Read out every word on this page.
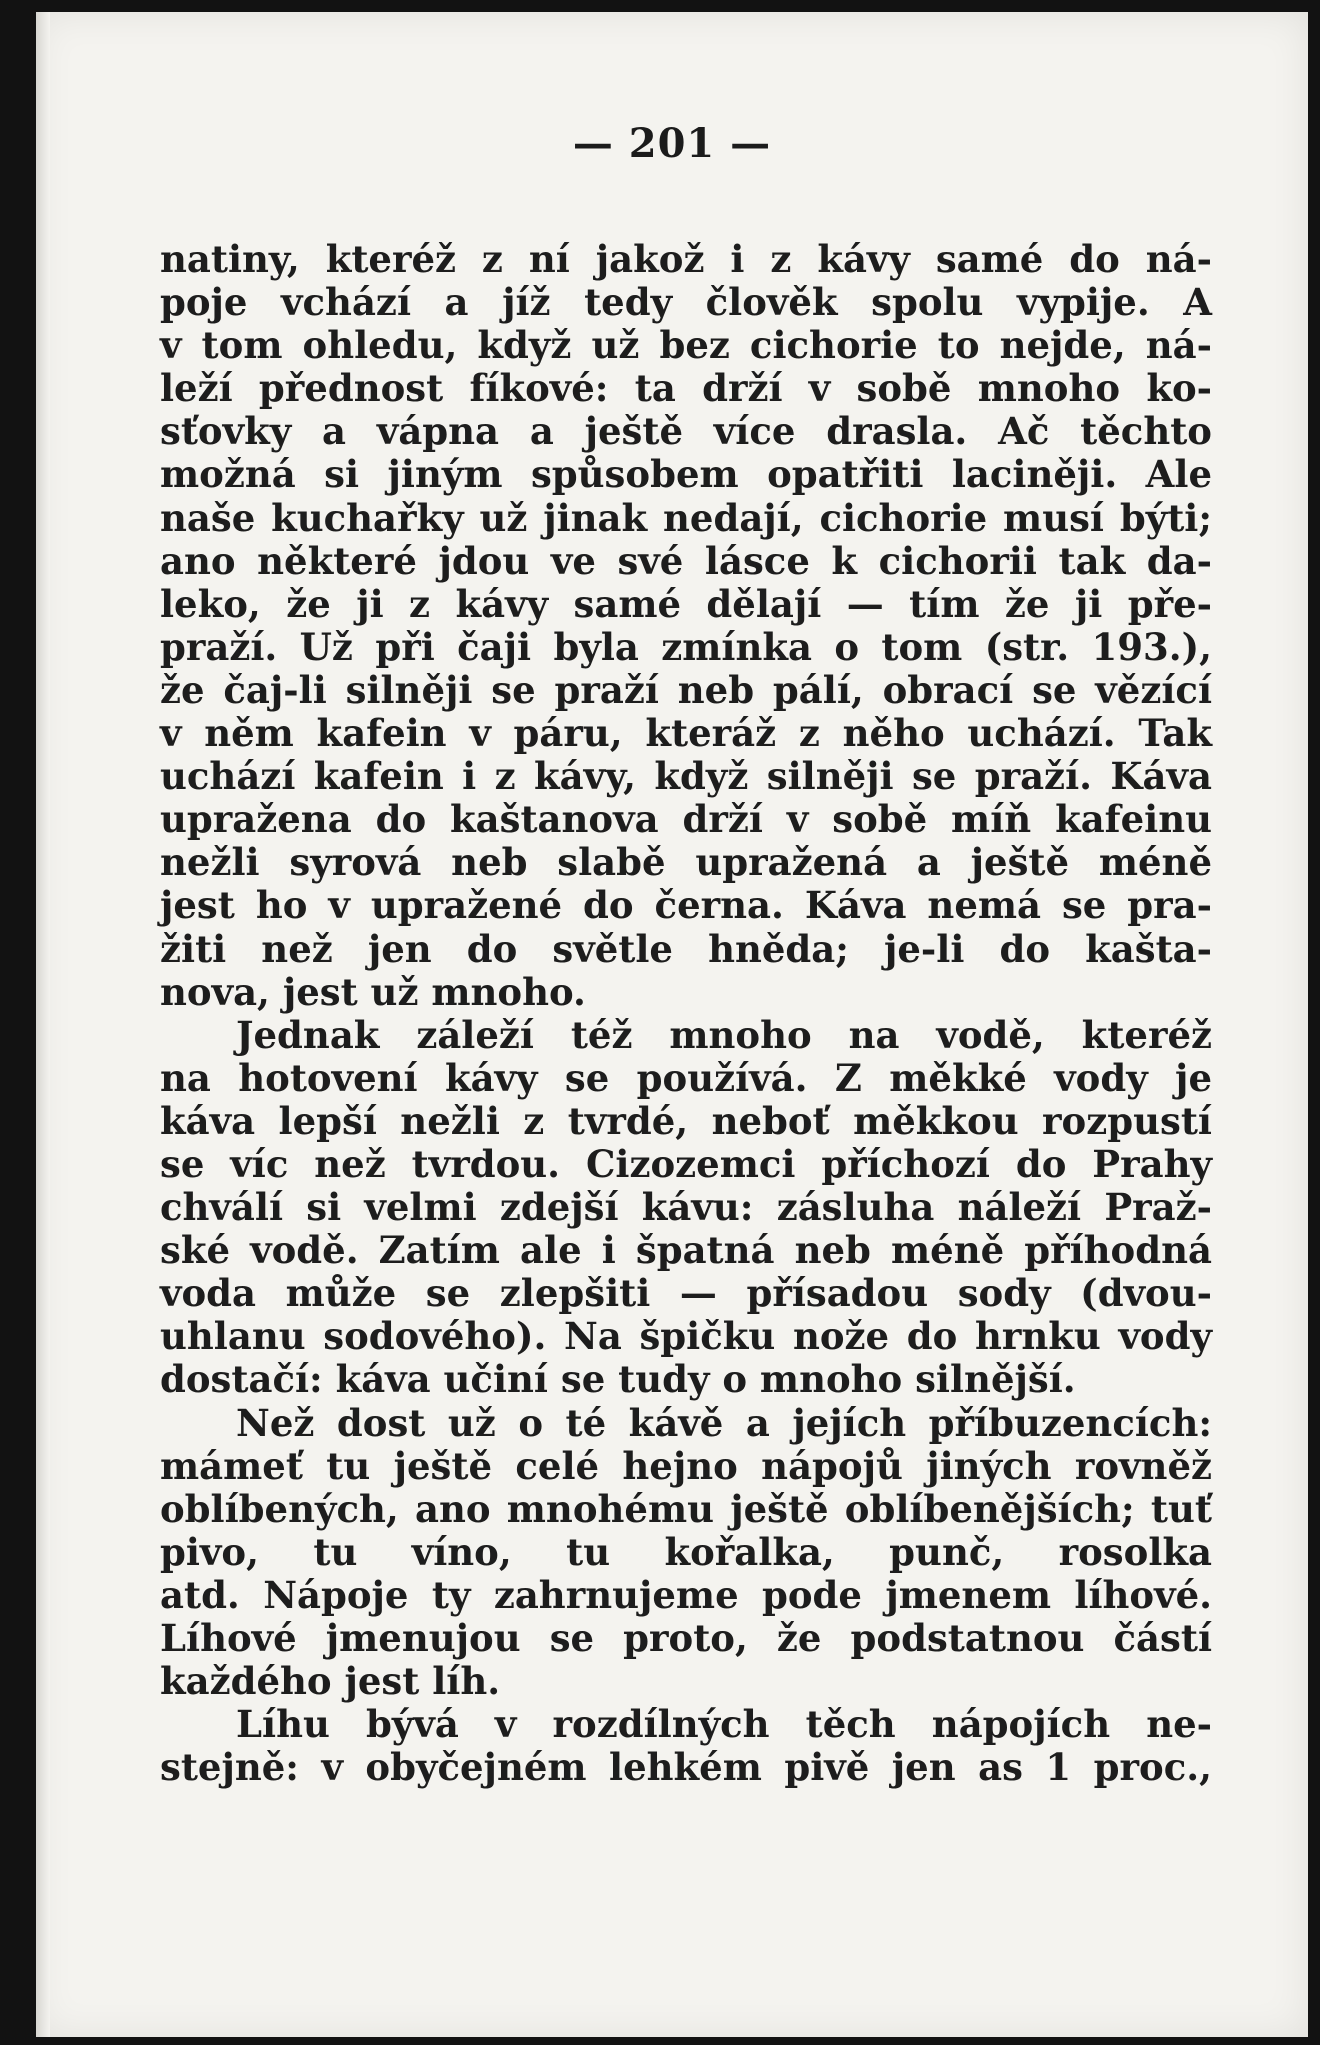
— 201 —
natiny, kteréž z ní jakož i z kávy samé do ná-
poje vchází a jíž tedy člověk spolu vypije. A
v tom ohledu, když už bez cichorie to nejde, ná-
leží přednost fíkové: ta drží v sobě mnoho ko-
sťovky a vápna a ještě více drasla. Ač těchto
možná si jiným spůsobem opatřiti laciněji. Ale
naše kuchařky už jinak nedají, cichorie musí býti;
ano některé jdou ve své lásce k cichorii tak da-
leko, že ji z kávy samé dělají — tím že ji pře-
praží. Už při čaji byla zmínka o tom (str. 193.),
že čaj-li silněji se praží neb pálí, obrací se vězící
v něm kafein v páru, kteráž z něho uchází. Tak
uchází kafein i z kávy, když silněji se praží. Káva
upražena do kaštanova drží v sobě míň kafeinu
nežli syrová neb slabě upražená a ještě méně
jest ho v upražené do černa. Káva nemá se pra-
žiti než jen do světle hněda; je-li do kašta-
nova, jest už mnoho.
Jednak záleží též mnoho na vodě, kteréž
na hotovení kávy se používá. Z měkké vody je
káva lepší nežli z tvrdé, neboť měkkou rozpustí
se víc než tvrdou. Cizozemci příchozí do Prahy
chválí si velmi zdejší kávu: zásluha náleží Praž-
ské vodě. Zatím ale i špatná neb méně příhodná
voda může se zlepšiti — přísadou sody (dvou-
uhlanu sodového). Na špičku nože do hrnku vody
dostačí: káva učiní se tudy o mnoho silnější.
Než dost už o té kávě a jejích příbuzencích:
mámeť tu ještě celé hejno nápojů jiných rovněž
oblíbených, ano mnohému ještě oblíbenějších; tuť
pivo, tu víno, tu kořalka, punč, rosolka
atd. Nápoje ty zahrnujeme pode jmenem líhové.
Líhové jmenujou se proto, že podstatnou částí
každého jest líh.
Líhu bývá v rozdílných těch nápojích ne-
stejně: v obyčejném lehkém pivě jen as 1 proc.,
